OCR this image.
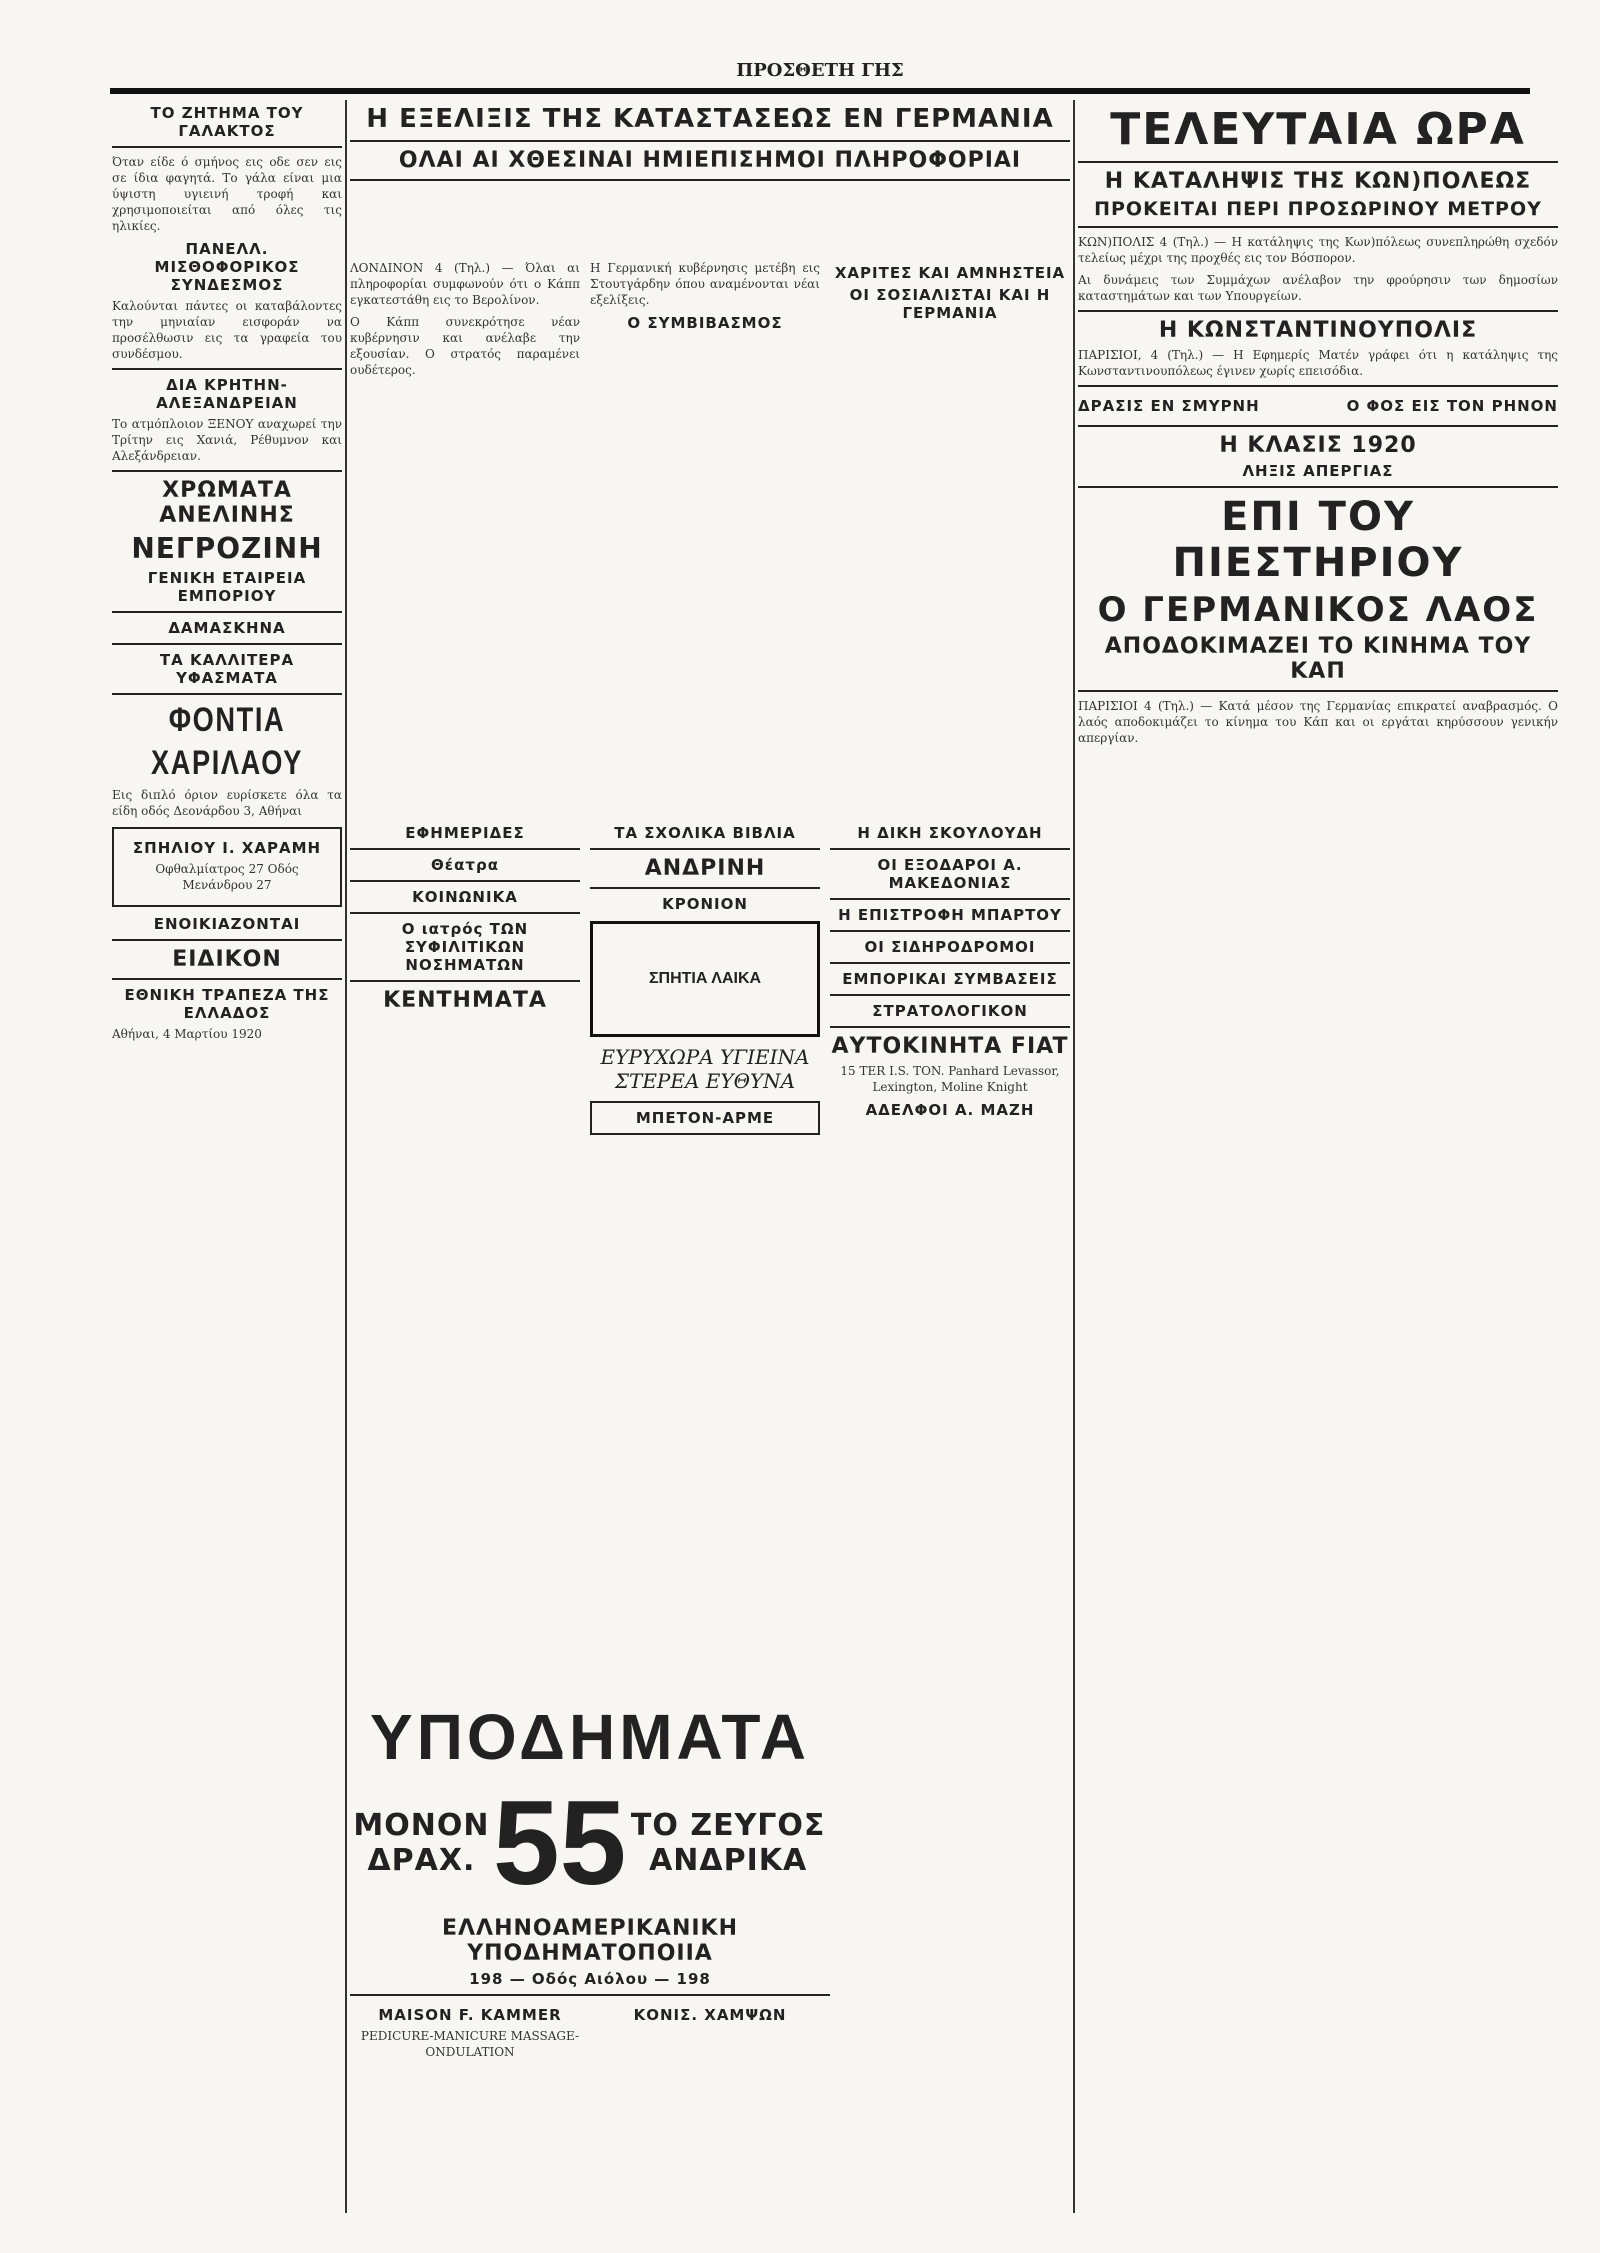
ΠΡΟΣΘΕΤΗ ΓΗΣ
ΤΟ ΖΗΤΗΜΑ ΤΟΥ ΓΑΛΑΚΤΟΣ

Όταν είδε ό σμήνος εις οδε σεν εις σε ίδια φαγητά. Το γάλα είναι μια ύψιστη υγιεινή τροφή και χρησιμοποιείται από όλες τις ηλικίες.

ΠΑΝΕΛΛ. ΜΙΣΘΟΦΟΡΙΚΟΣ ΣΥΝΔΕΣΜΟΣ

Καλούνται πάντες οι καταβάλοντες την μηνιαίαν εισφοράν να προσέλθωσιν εις τα γραφεία του συνδέσμου.

ΔΙΑ ΚΡΗΤΗΝ-ΑΛΕΞΑΝΔΡΕΙΑΝ

Το ατμόπλοιον ΞΕΝΟΥ αναχωρεί την Τρίτην εις Χανιά, Ρέθυμνον και Αλεξάνδρειαν.

ΧΡΩΜΑΤΑ ΑΝΕΛΙΝΗΣ
ΝΕΓΡΟΖΙΝΗ
ΓΕΝΙΚΗ ΕΤΑΙΡΕΙΑ ΕΜΠΟΡΙΟΥ
ΔΑΜΑΣΚΗΝΑ
ΤΑ ΚΑΛΛΙΤΕΡΑ ΥΦΑΣΜΑΤΑ
ΦΟΝΤΙΑ
ΧΑΡΙΛΑΟΥ

Εις διπλό όριον ευρίσκετε όλα τα είδη οδός Δεονάρδου 3, Αθήναι

ΣΠΗΛΙΟΥ Ι. ΧΑΡΑΜΗ
Οφθαλμίατρος 27 Οδός Μενάνδρου 27
ΕΝΟΙΚΙΑΖΟΝΤΑΙ
ΕΙΔΙΚΟΝ
ΕΘΝΙΚΗ ΤΡΑΠΕΖΑ ΤΗΣ ΕΛΛΑΔΟΣ

Αθήναι, 4 Μαρτίου 1920

Η ΕΞΕΛΙΞΙΣ ΤΗΣ ΚΑΤΑΣΤΑΣΕΩΣ ΕΝ ΓΕΡΜΑΝΙΑ
ΟΛΑΙ ΑΙ ΧΘΕΣΙΝΑΙ ΗΜΙΕΠΙΣΗΜΟΙ ΠΛΗΡΟΦΟΡΙΑΙ

ΛΟΝΔΙΝΟΝ 4 (Τηλ.) — Όλαι αι πληροφορίαι συμφωνούν ότι ο Κάππ εγκατεστάθη εις το Βερολίνον.

Ο Κάππ συνεκρότησε νέαν κυβέρνησιν και ανέλαβε την εξουσίαν. Ο στρατός παραμένει ουδέτερος.

Η Γερμανική κυβέρνησις μετέβη εις Στουτγάρδην όπου αναμένονται νέαι εξελίξεις.

Ο ΣΥΜΒΙΒΑΣΜΟΣ
ΧΑΡΙΤΕΣ ΚΑΙ ΑΜΝΗΣΤΕΙΑ
ΟΙ ΣΟΣΙΑΛΙΣΤΑΙ ΚΑΙ Η ΓΕΡΜΑΝΙΑ
ΕΦΗΜΕΡΙΔΕΣ
Θέατρα
ΚΟΙΝΩΝΙΚΑ
Ο ιατρός ΤΩΝ ΣΥΦΙΛΙΤΙΚΩΝ ΝΟΣΗΜΑΤΩΝ
ΚΕΝΤΗΜΑΤΑ
ΤΑ ΣΧΟΛΙΚΑ ΒΙΒΛΙΑ
ΑΝΔΡΙΝΗ
ΚΡΟΝΙΟΝ
ΣΠΗΤΙΑ ΛΑΙΚΑ
ΕΥΡΥΧΩΡΑ ΥΓΙΕΙΝΑ ΣΤΕΡΕΑ ΕΥΘΥΝΑ
ΜΠΕΤΟΝ-ΑΡΜΕ
Η ΔΙΚΗ ΣΚΟΥΛΟΥΔΗ
ΟΙ ΕΞΟΔΑΡΟΙ Α. ΜΑΚΕΔΟΝΙΑΣ
Η ΕΠΙΣΤΡΟΦΗ ΜΠΑΡΤΟΥ
ΟΙ ΣΙΔΗΡΟΔΡΟΜΟΙ
ΕΜΠΟΡΙΚΑΙ ΣΥΜΒΑΣΕΙΣ
ΣΤΡΑΤΟΛΟΓΙΚΟΝ
ΑΥΤΟΚΙΝΗΤΑ FIAT

15 TER I.S. TON. Panhard Levassor, Lexington, Moline Knight

ΑΔΕΛΦΟΙ Α. ΜΑΖΗ
ΥΠΟΔΗΜΑΤΑ
ΜΟΝΟΝ ΔΡΑΧ. 55 ΤΟ ΖΕΥΓΟΣ ΑΝΔΡΙΚΑ
ΕΛΛΗΝΟΑΜΕΡΙΚΑΝΙΚΗ ΥΠΟΔΗΜΑΤΟΠΟΙΙΑ
198 — Οδός Αιόλου — 198
MAISON F. KAMMER
PEDICURE-MANICURE MASSAGE-ONDULATION
ΚΟΝΙΣ. ΧΑΜΨΩΝ
ΤΕΛΕΥΤΑΙΑ ΩΡΑ
Η ΚΑΤΑΛΗΨΙΣ ΤΗΣ ΚΩΝ)ΠΟΛΕΩΣ
ΠΡΟΚΕΙΤΑΙ ΠΕΡΙ ΠΡΟΣΩΡΙΝΟΥ ΜΕΤΡΟΥ

ΚΩΝ)ΠΟΛΙΣ 4 (Τηλ.) — Η κατάληψις της Κων)πόλεως συνεπληρώθη σχεδόν τελείως μέχρι της προχθές εις τον Βόσπορον.

Αι δυνάμεις των Συμμάχων ανέλαβον την φρούρησιν των δημοσίων καταστημάτων και των Υπουργείων.

Η ΚΩΝΣΤΑΝΤΙΝΟΥΠΟΛΙΣ

ΠΑΡΙΣΙΟΙ, 4 (Τηλ.) — Η Εφημερίς Ματέν γράφει ότι η κατάληψις της Κωνσταντινουπόλεως έγινεν χωρίς επεισόδια.

ΔΡΑΣΙΣ ΕΝ ΣΜΥΡΝΗ	Ο ΦΟΣ ΕΙΣ ΤΟΝ ΡΗΝΟΝ
Η ΚΛΑΣΙΣ 1920
ΛΗΞΙΣ ΑΠΕΡΓΙΑΣ
ΕΠΙ ΤΟΥ ΠΙΕΣΤΗΡΙΟΥ
Ο ΓΕΡΜΑΝΙΚΟΣ ΛΑΟΣ
ΑΠΟΔΟΚΙΜΑΖΕΙ ΤΟ ΚΙΝΗΜΑ ΤΟΥ ΚΑΠ

ΠΑΡΙΣΙΟΙ 4 (Τηλ.) — Κατά μέσον της Γερμανίας επικρατεί αναβρασμός. Ο λαός αποδοκιμάζει το κίνημα του Κάπ και οι εργάται κηρύσσουν γενικήν απεργίαν.
